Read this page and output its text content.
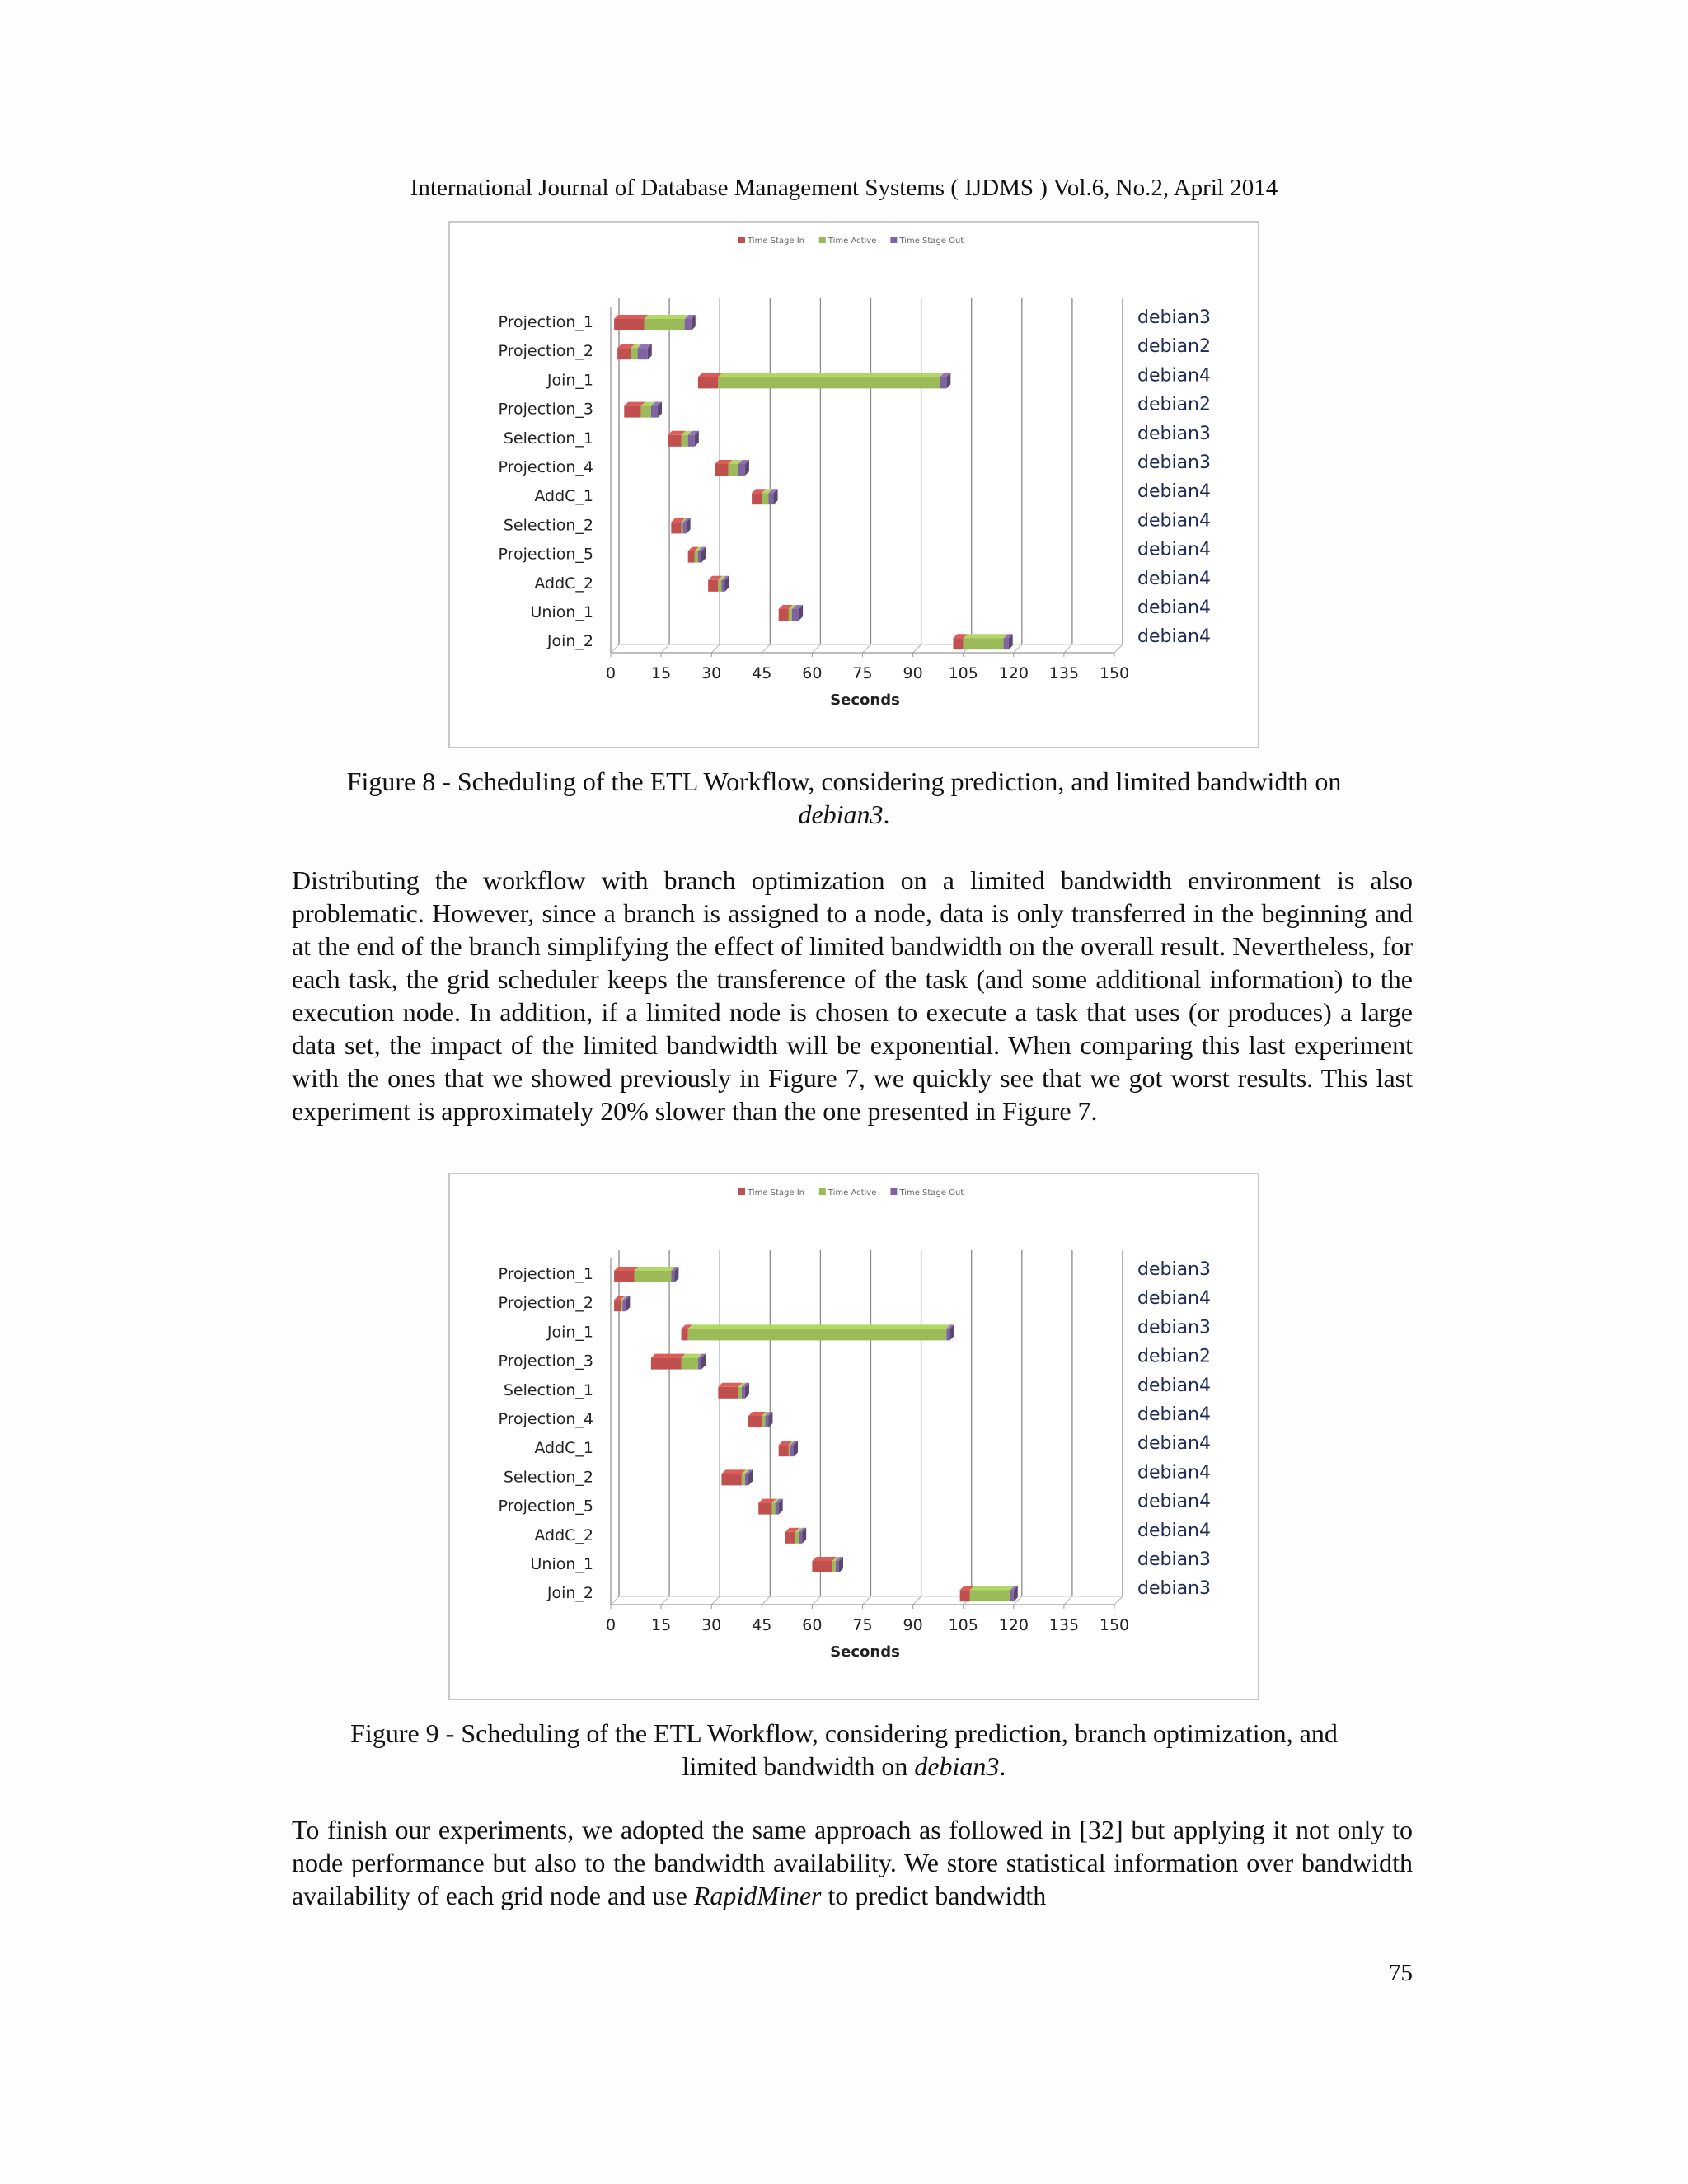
International Journal of Database Management Systems ( IJDMS ) Vol.6, No.2, April 2014
Time Stage In	Time Active	Time Stage Out
0 15 30 45 60 75 90 105 120 135 150
Seconds
Projection_1	debian3
Projection_2	debian2
Join_1	debian4
Projection_3	debian2
Selection_1	debian3
Projection_4	debian3
AddC_1	debian4
Selection_2	debian4
Projection_5	debian4
AddC_2	debian4
Union_1	debian4
Join_2	debian4
Figure 8 - Scheduling of the ETL Workflow, considering prediction, and limited bandwidth on
debian3.
Distributing the workflow with branch optimization on a limited bandwidth environment is also problematic. However, since a branch is assigned to a node, data is only transferred in the beginning and at the end of the branch simplifying the effect of limited bandwidth on the overall result. Nevertheless, for each task, the grid scheduler keeps the transference of the task (and some additional information) to the execution node. In addition, if a limited node is chosen to execute a task that uses (or produces) a large data set, the impact of the limited bandwidth will be exponential. When comparing this last experiment with the ones that we showed previously in Figure 7, we quickly see that we got worst results. This last experiment is approximately 20% slower than the one presented in Figure 7.
Time Stage In	Time Active	Time Stage Out
0 15 30 45 60 75 90 105 120 135 150
Seconds
Projection_1	debian3
Projection_2	debian4
Join_1	debian3
Projection_3	debian2
Selection_1	debian4
Projection_4	debian4
AddC_1	debian4
Selection_2	debian4
Projection_5	debian4
AddC_2	debian4
Union_1	debian3
Join_2	debian3
Figure 9 - Scheduling of the ETL Workflow, considering prediction, branch optimization, and
limited bandwidth on debian3.
To finish our experiments, we adopted the same approach as followed in [32] but applying it not only to node performance but also to the bandwidth availability. We store statistical information over bandwidth availability of each grid node and use RapidMiner to predict bandwidth
75
